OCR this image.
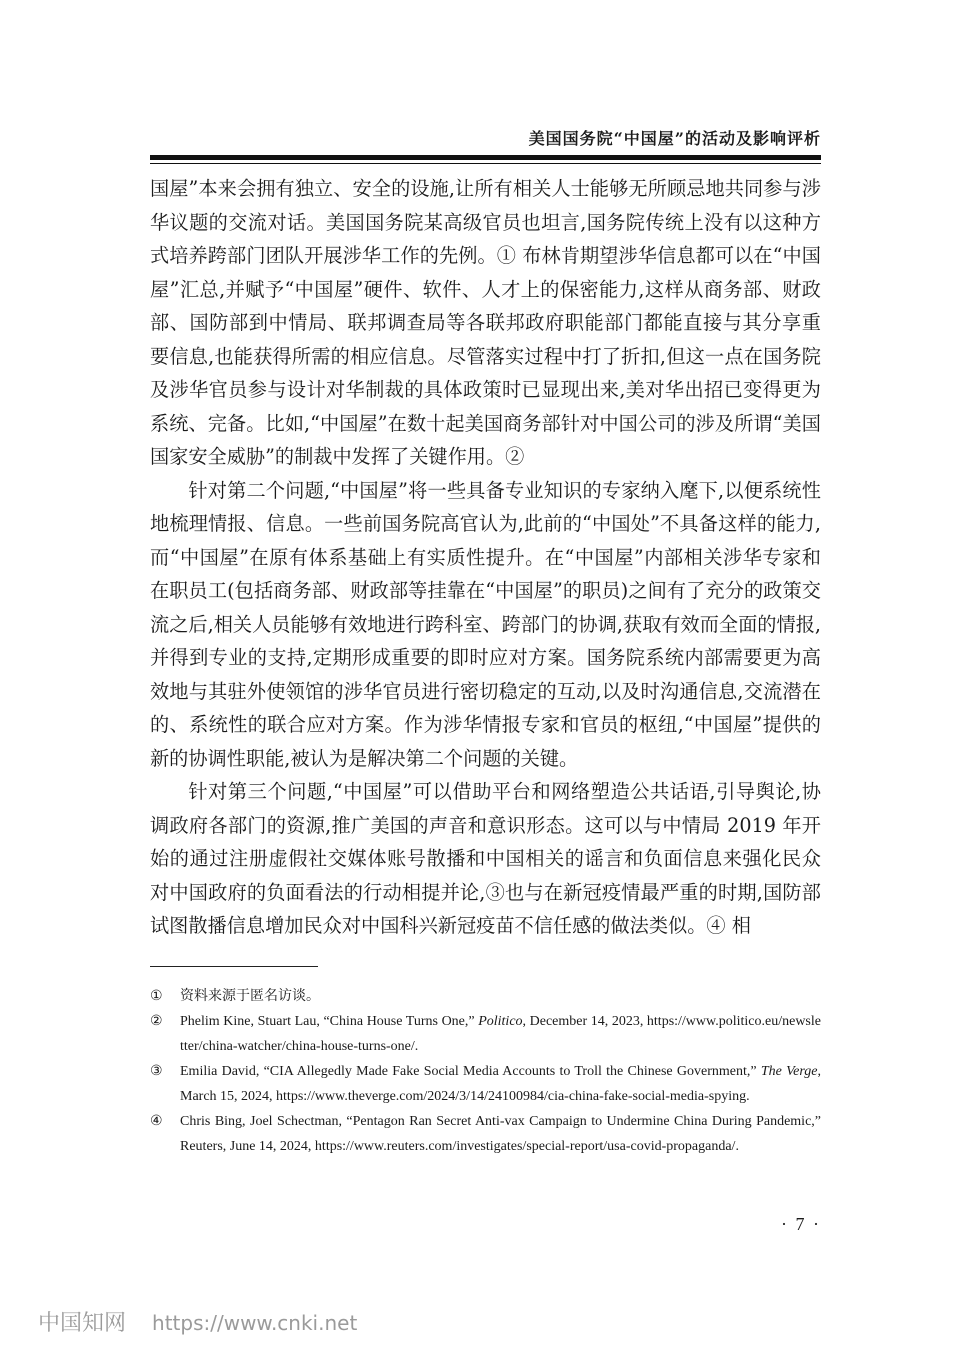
美国国务院“中国屋”的活动及影响评析

国屋”本来会拥有独立、安全的设施,让所有相关人士能够无所顾忌地共同参与涉华议题的交流对话。美国国务院某高级官员也坦言,国务院传统上没有以这种方式培养跨部门团队开展涉华工作的先例。① 布林肯期望涉华信息都可以在“中国屋”汇总,并赋予“中国屋”硬件、软件、人才上的保密能力,这样从商务部、财政部、国防部到中情局、联邦调查局等各联邦政府职能部门都能直接与其分享重要信息,也能获得所需的相应信息。尽管落实过程中打了折扣,但这一点在国务院及涉华官员参与设计对华制裁的具体政策时已显现出来,美对华出招已变得更为系统、完备。比如,“中国屋”在数十起美国商务部针对中国公司的涉及所谓“美国国家安全威胁”的制裁中发挥了关键作用。②

针对第二个问题,“中国屋”将一些具备专业知识的专家纳入麾下,以便系统性地梳理情报、信息。一些前国务院高官认为,此前的“中国处”不具备这样的能力,而“中国屋”在原有体系基础上有实质性提升。在“中国屋”内部相关涉华专家和在职员工(包括商务部、财政部等挂靠在“中国屋”的职员)之间有了充分的政策交流之后,相关人员能够有效地进行跨科室、跨部门的协调,获取有效而全面的情报,并得到专业的支持,定期形成重要的即时应对方案。国务院系统内部需要更为高效地与其驻外使领馆的涉华官员进行密切稳定的互动,以及时沟通信息,交流潜在的、系统性的联合应对方案。作为涉华情报专家和官员的枢纽,“中国屋”提供的新的协调性职能,被认为是解决第二个问题的关键。

针对第三个问题,“中国屋”可以借助平台和网络塑造公共话语,引导舆论,协调政府各部门的资源,推广美国的声音和意识形态。这可以与中情局 2019 年开始的通过注册虚假社交媒体账号散播和中国相关的谣言和负面信息来强化民众对中国政府的负面看法的行动相提并论,③也与在新冠疫情最严重的时期,国防部试图散播信息增加民众对中国科兴新冠疫苗不信任感的做法类似。④ 相

①	资料来源于匿名访谈。
②	Phelim Kine, Stuart Lau, “China House Turns One,” Politico, December 14, 2023, https://www.politico.eu/newsletter/china-watcher/china-house-turns-one/.
③	Emilia David, “CIA Allegedly Made Fake Social Media Accounts to Troll the Chinese Government,” The Verge, March 15, 2024, https://www.theverge.com/2024/3/14/24100984/cia-china-fake-social-media-spying.
④	Chris Bing, Joel Schectman, “Pentagon Ran Secret Anti-vax Campaign to Undermine China During Pandemic,” Reuters, June 14, 2024, https://www.reuters.com/investigates/special-report/usa-covid-propaganda/.
· 7 ·
中国知网 https://www.cnki.net
